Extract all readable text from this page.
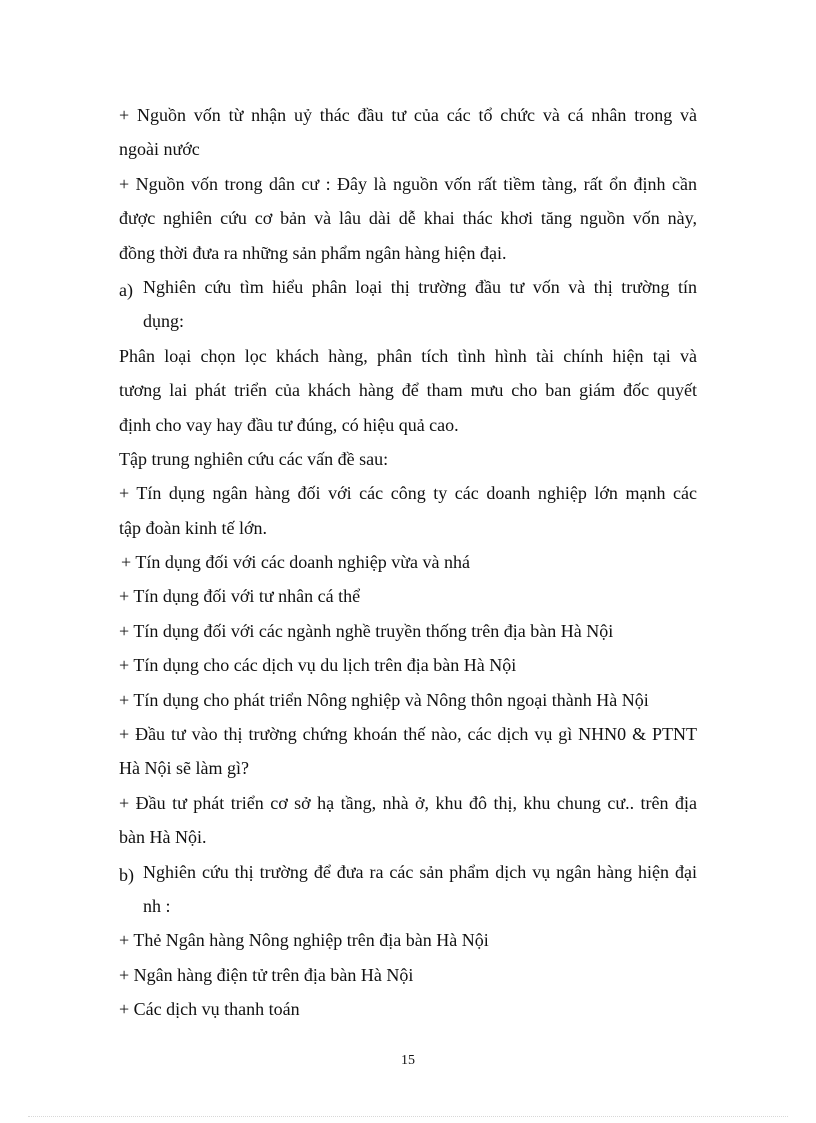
+ Nguồn vốn từ nhận uỷ thác đầu tư của các tổ chức và cá nhân trong và
ngoài nước
+ Nguồn vốn trong dân cư : Đây là nguồn vốn rất tiềm tàng, rất ổn định cần
được nghiên cứu cơ bản và lâu dài dễ khai thác khơi tăng nguồn vốn này,
đồng thời đưa ra những sản phẩm ngân hàng hiện đại.
a) Nghiên cứu tìm hiểu phân loại thị trường đầu tư vốn và thị trường tín
dụng:
Phân loại chọn lọc khách hàng, phân tích tình hình tài chính hiện tại và
tương lai phát triển của khách hàng để tham mưu cho ban giám đốc quyết
định cho vay hay đầu tư đúng, có hiệu quả cao.
Tập trung nghiên cứu các vấn đề sau:
+ Tín dụng ngân hàng đối với các công ty các doanh nghiệp lớn mạnh các
tập đoàn kinh tế lớn.
+ Tín dụng đối với các doanh nghiệp vừa và nhá
+ Tín dụng đối với tư nhân cá thể
+ Tín dụng đối với các ngành nghề truyền thống trên địa bàn Hà Nội
+ Tín dụng cho các dịch vụ du lịch trên địa bàn Hà Nội
+ Tín dụng cho phát triển Nông nghiệp và Nông thôn ngoại thành Hà Nội
+ Đầu tư vào thị trường chứng khoán thế nào, các dịch vụ gì NHN0 & PTNT
Hà Nội sẽ làm gì?
+ Đầu tư phát triển cơ sở hạ tầng, nhà ở, khu đô thị, khu chung cư.. trên địa
bàn Hà Nội.
b) Nghiên cứu thị trường để đưa ra các sản phẩm dịch vụ ngân hàng hiện đại
nh :
+ Thẻ Ngân hàng Nông nghiệp trên địa bàn Hà Nội
+ Ngân hàng điện tử trên địa bàn Hà Nội
+ Các dịch vụ thanh toán
15
